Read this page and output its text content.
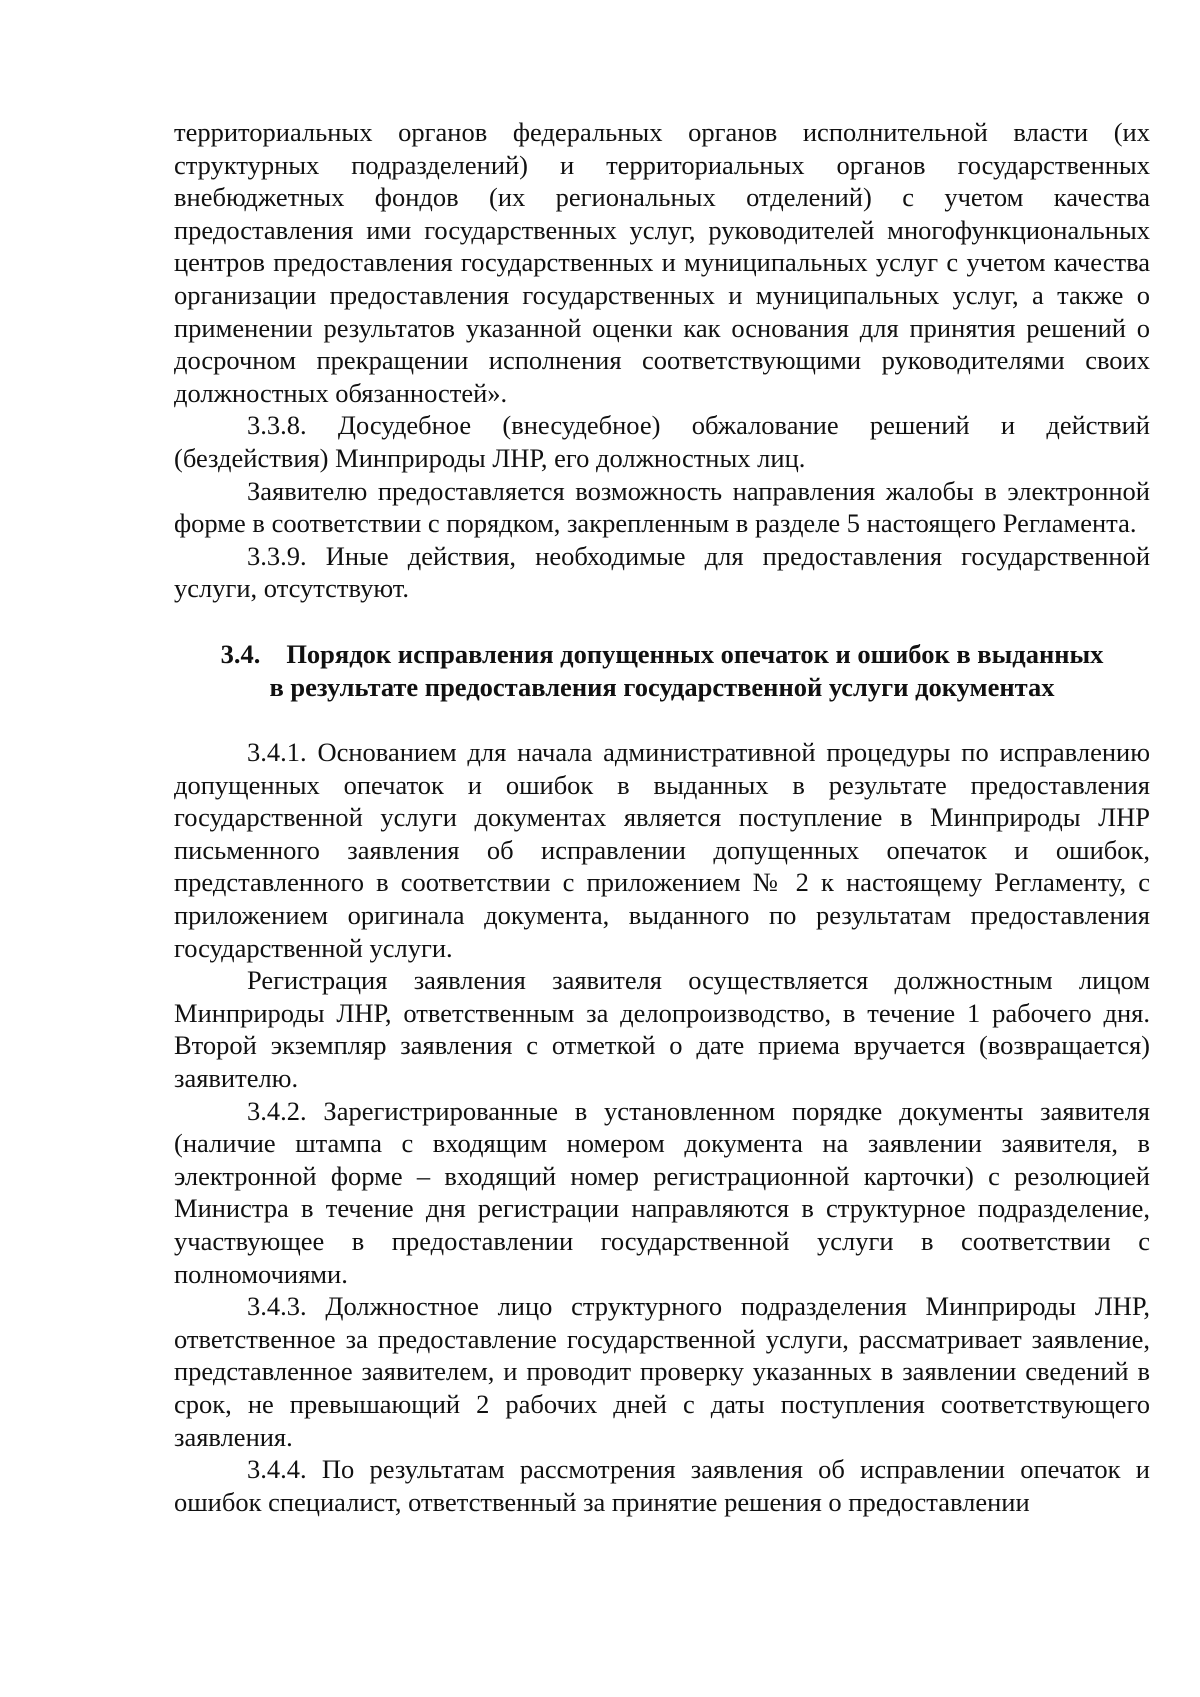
территориальных органов федеральных органов исполнительной власти (их структурных подразделений) и территориальных органов государственных внебюджетных фондов (их региональных отделений) с учетом качества предоставления ими государственных услуг, руководителей многофункциональных центров предоставления государственных и муниципальных услуг с учетом качества организации предоставления государственных и муниципальных услуг, а также о применении результатов указанной оценки как основания для принятия решений о досрочном прекращении исполнения соответствующими руководителями своих должностных обязанностей».

3.3.8. Досудебное (внесудебное) обжалование решений и действий (бездействия) Минприроды ЛНР, его должностных лиц.

Заявителю предоставляется возможность направления жалобы в электронной форме в соответствии с порядком, закрепленным в разделе 5 настоящего Регламента.

3.3.9. Иные действия, необходимые для предоставления государственной услуги, отсутствуют.

3.4. Порядок исправления допущенных опечаток и ошибок в выданных
в результате предоставления государственной услуги документах

3.4.1. Основанием для начала административной процедуры по исправлению допущенных опечаток и ошибок в выданных в результате предоставления государственной услуги документах является поступление в Минприроды ЛНР письменного заявления об исправлении допущенных опечаток и ошибок, представленного в соответствии с приложением № 2 к настоящему Регламенту, с приложением оригинала документа, выданного по результатам предоставления государственной услуги.

Регистрация заявления заявителя осуществляется должностным лицом Минприроды ЛНР, ответственным за делопроизводство, в течение 1 рабочего дня. Второй экземпляр заявления с отметкой о дате приема вручается (возвращается) заявителю.

3.4.2. Зарегистрированные в установленном порядке документы заявителя (наличие штампа с входящим номером документа на заявлении заявителя, в электронной форме – входящий номер регистрационной карточки) с резолюцией Министра в течение дня регистрации направляются в структурное подразделение, участвующее в предоставлении государственной услуги в соответствии с полномочиями.

3.4.3. Должностное лицо структурного подразделения Минприроды ЛНР, ответственное за предоставление государственной услуги, рассматривает заявление, представленное заявителем, и проводит проверку указанных в заявлении сведений в срок, не превышающий 2 рабочих дней с даты поступления соответствующего заявления.

3.4.4. По результатам рассмотрения заявления об исправлении опечаток и ошибок специалист, ответственный за принятие решения о предоставлении
